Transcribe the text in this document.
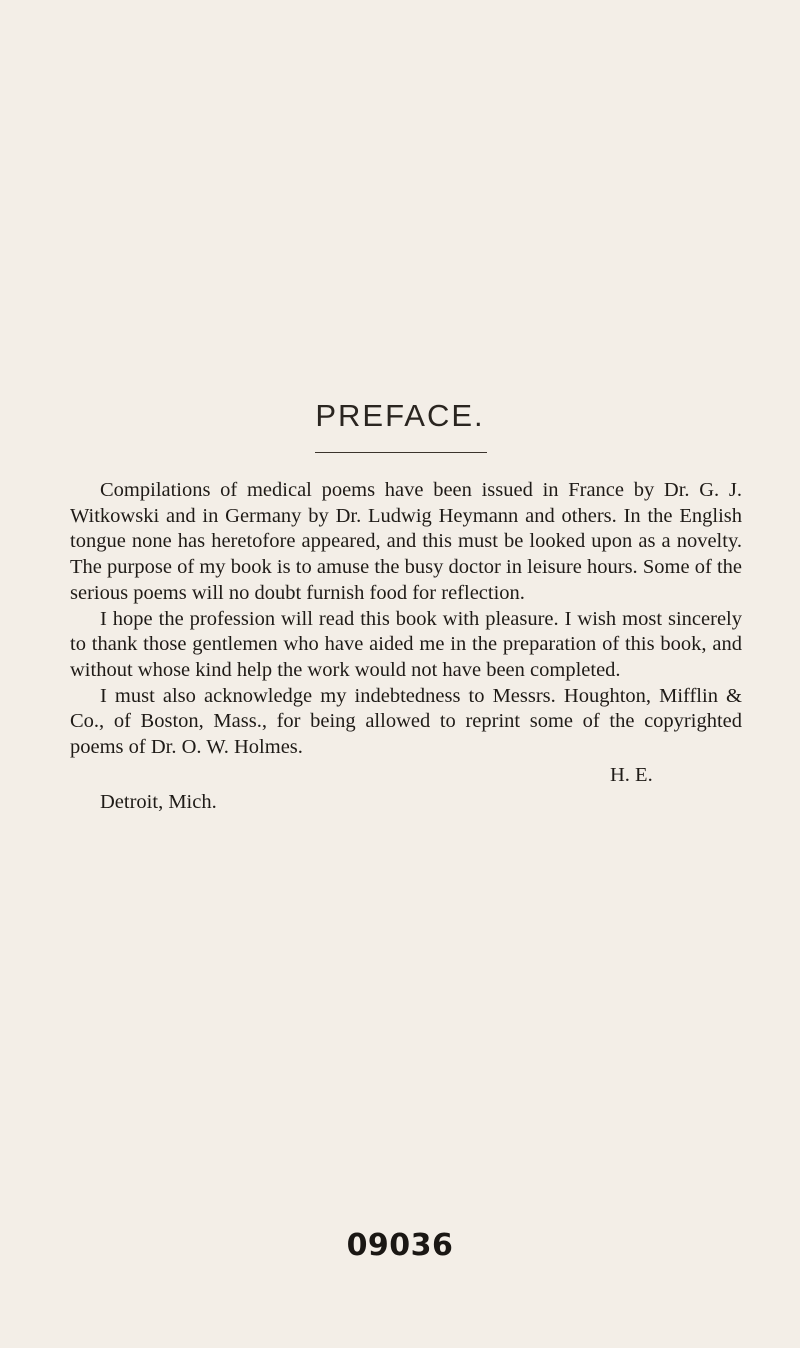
PREFACE.

Compilations of medical poems have been issued in France by Dr. G. J. Witkowski and in Germany by Dr. Ludwig Heymann and others. In the English tongue none has heretofore appeared, and this must be looked upon as a novelty. The purpose of my book is to amuse the busy doctor in leisure hours. Some of the serious poems will no doubt furnish food for reflection.

I hope the profession will read this book with pleasure. I wish most sincerely to thank those gentlemen who have aided me in the preparation of this book, and without whose kind help the work would not have been completed.

I must also acknowledge my indebtedness to Messrs. Houghton, Mifflin & Co., of Boston, Mass., for being allowed to reprint some of the copyrighted poems of Dr. O. W. Holmes.

H. E.
Detroit, Mich.
09036
